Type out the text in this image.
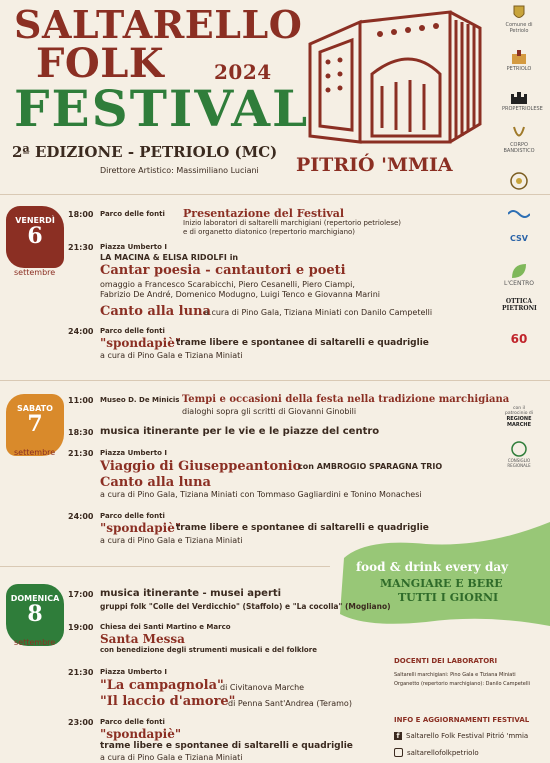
SALTARELLO
FOLK 2024
FESTIVAL
2ª EDIZIONE - PETRIOLO (MC)
Direttore Artistico: Massimiliano Luciani PITRIÓ 'MMIA
Comune di Petriolo
PETRIOLO
PROPETRIOLESE
CORPO BANDISTICO
CSV
L'CENTRO
OTTICA PIETRONI
60
con il patrocinio di
REGIONE MARCHE
CONSIGLIO REGIONALE
VENERDÌ
6
settembre
18:00 Parco delle fonti Presentazione del Festival
Inizio laboratori di saltarelli marchigiani (repertorio petriolese)
e di organetto diatonico (repertorio marchigiano)
21:30 Piazza Umberto I
LA MACINA & ELISA RIDOLFI in
Cantar poesia - cantautori e poeti
omaggio a Francesco Scarabicchi, Piero Cesanelli, Piero Ciampi,
Fabrizio De André, Domenico Modugno, Luigi Tenco e Giovanna Marini
Canto alla luna
a cura di Pino Gala, Tiziana Miniati con Danilo Campetelli
24:00 Parco delle fonti
"spondapiè"
trame libere e spontanee di saltarelli e quadriglie
a cura di Pino Gala e Tiziana Miniati
SABATO
7
settembre
11:00 Museo D. De Minicis Tempi e occasioni della festa nella tradizione marchigiana
dialoghi sopra gli scritti di Giovanni Ginobili
18:30 musica itinerante per le vie e le piazze del centro
21:30 Piazza Umberto I
Viaggio di Giuseppeantonio
con AMBROGIO SPARAGNA TRIO
Canto alla luna
a cura di Pino Gala, Tiziana Miniati con Tommaso Gagliardini e Tonino Monachesi
24:00 Parco delle fonti
"spondapiè"
trame libere e spontanee di saltarelli e quadriglie
a cura di Pino Gala e Tiziana Miniati
food & drink every day
MANGIARE E BERE
TUTTI I GIORNI
DOMENICA
8
settembre
17:00 musica itinerante - musei aperti
gruppi folk "Colle del Verdicchio" (Staffolo) e "La cocolla" (Mogliano)
19:00 Chiesa dei Santi Martino e Marco
Santa Messa
con benedizione degli strumenti musicali e del folklore
21:30 Piazza Umberto I
"La campagnola"
di Civitanova Marche
"Il laccio d'amore"
di Penna Sant'Andrea (Teramo)
23:00 Parco delle fonti
"spondapiè"
trame libere e spontanee di saltarelli e quadriglie
a cura di Pino Gala e Tiziana Miniati
DOCENTI DEI LABORATORI
Saltarelli marchigiani: Pino Gala e Tiziana Miniati
Organetto (repertorio marchigiano): Danilo Campetelli
INFO E AGGIORNAMENTI FESTIVAL
f Saltarello Folk Festival Pitrió 'mmia
saltarellofolkpetriolo
